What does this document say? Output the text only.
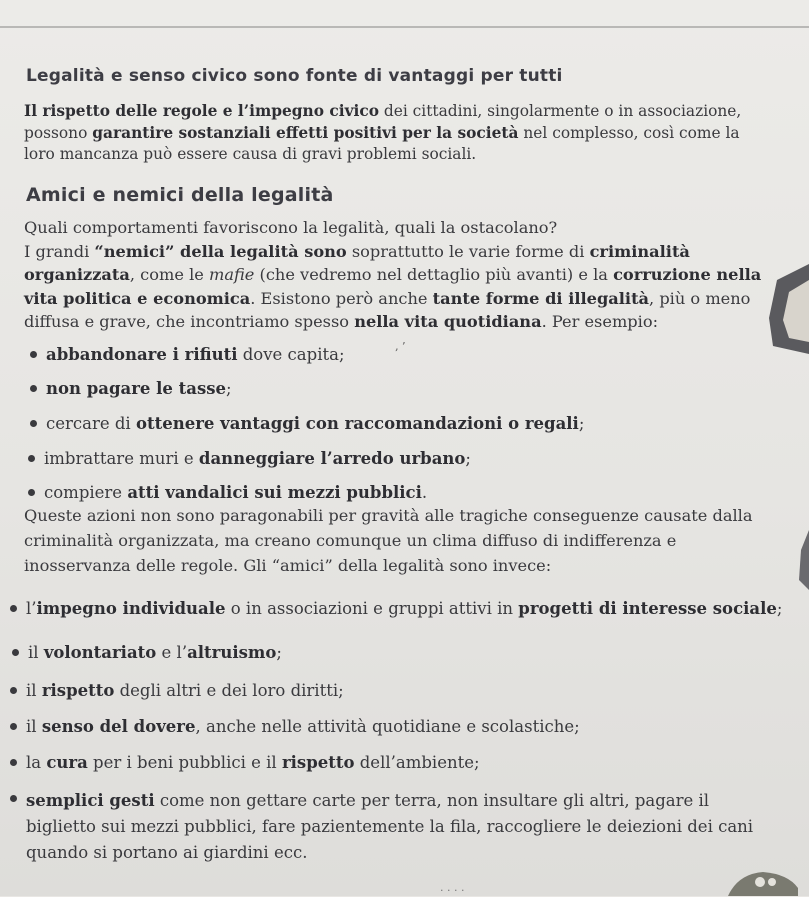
Legalità e senso civico sono fonte di vantaggi per tutti

Il rispetto delle regole e l’impegno civico dei cittadini, singolarmente o in associazione, possono garantire sostanziali effetti positivi per la società nel complesso, così come la loro mancanza può essere causa di gravi problemi sociali.

Amici e nemici della legalità

Quali comportamenti favoriscono la legalità, quali la ostacolano?
I grandi “nemici” della legalità sono soprattutto le varie forme di criminalità organizzata, come le mafie (che vedremo nel dettaglio più avanti) e la corruzione nella vita politica e economica. Esistono però anche tante forme di illegalità, più o meno diffusa e grave, che incontriamo spesso nella vita quotidiana. Per esempio:

‚ ’
abbandonare i rifiuti dove capita;
non pagare le tasse;
cercare di ottenere vantaggi con raccomandazioni o regali;
imbrattare muri e danneggiare l’arredo urbano;
compiere atti vandalici sui mezzi pubblici.

Queste azioni non sono paragonabili per gravità alle tragiche conseguenze causate dalla criminalità organizzata, ma creano comunque un clima diffuso di indifferenza e inosservanza delle regole. Gli “amici” della legalità sono invece:

l’impegno individuale o in associazioni e gruppi attivi in progetti di interesse sociale;
il volontariato e l’altruismo;
il rispetto degli altri e dei loro diritti;
il senso del dovere, anche nelle attività quotidiane e scolastiche;
la cura per i beni pubblici e il rispetto dell’ambiente;
semplici gesti come non gettare carte per terra, non insultare gli altri, pagare il biglietto sui mezzi pubblici, fare pazientemente la fila, raccogliere le deiezioni dei cani quando si portano ai giardini ecc.
· · · ·
